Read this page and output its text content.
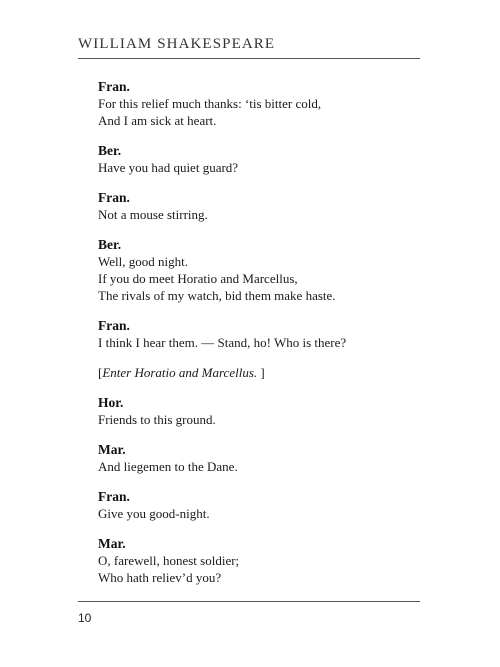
WILLIAM SHAKESPEARE
Fran.
For this relief much thanks: ‘tis bitter cold,
And I am sick at heart.
Ber.
Have you had quiet guard?
Fran.
Not a mouse stirring.
Ber.
Well, good night.
If you do meet Horatio and Marcellus,
The rivals of my watch, bid them make haste.
Fran.
I think I hear them. — Stand, ho! Who is there?
[Enter Horatio and Marcellus. ]
Hor.
Friends to this ground.
Mar.
And liegemen to the Dane.
Fran.
Give you good-night.
Mar.
O, farewell, honest soldier;
Who hath reliev’d you?
10
